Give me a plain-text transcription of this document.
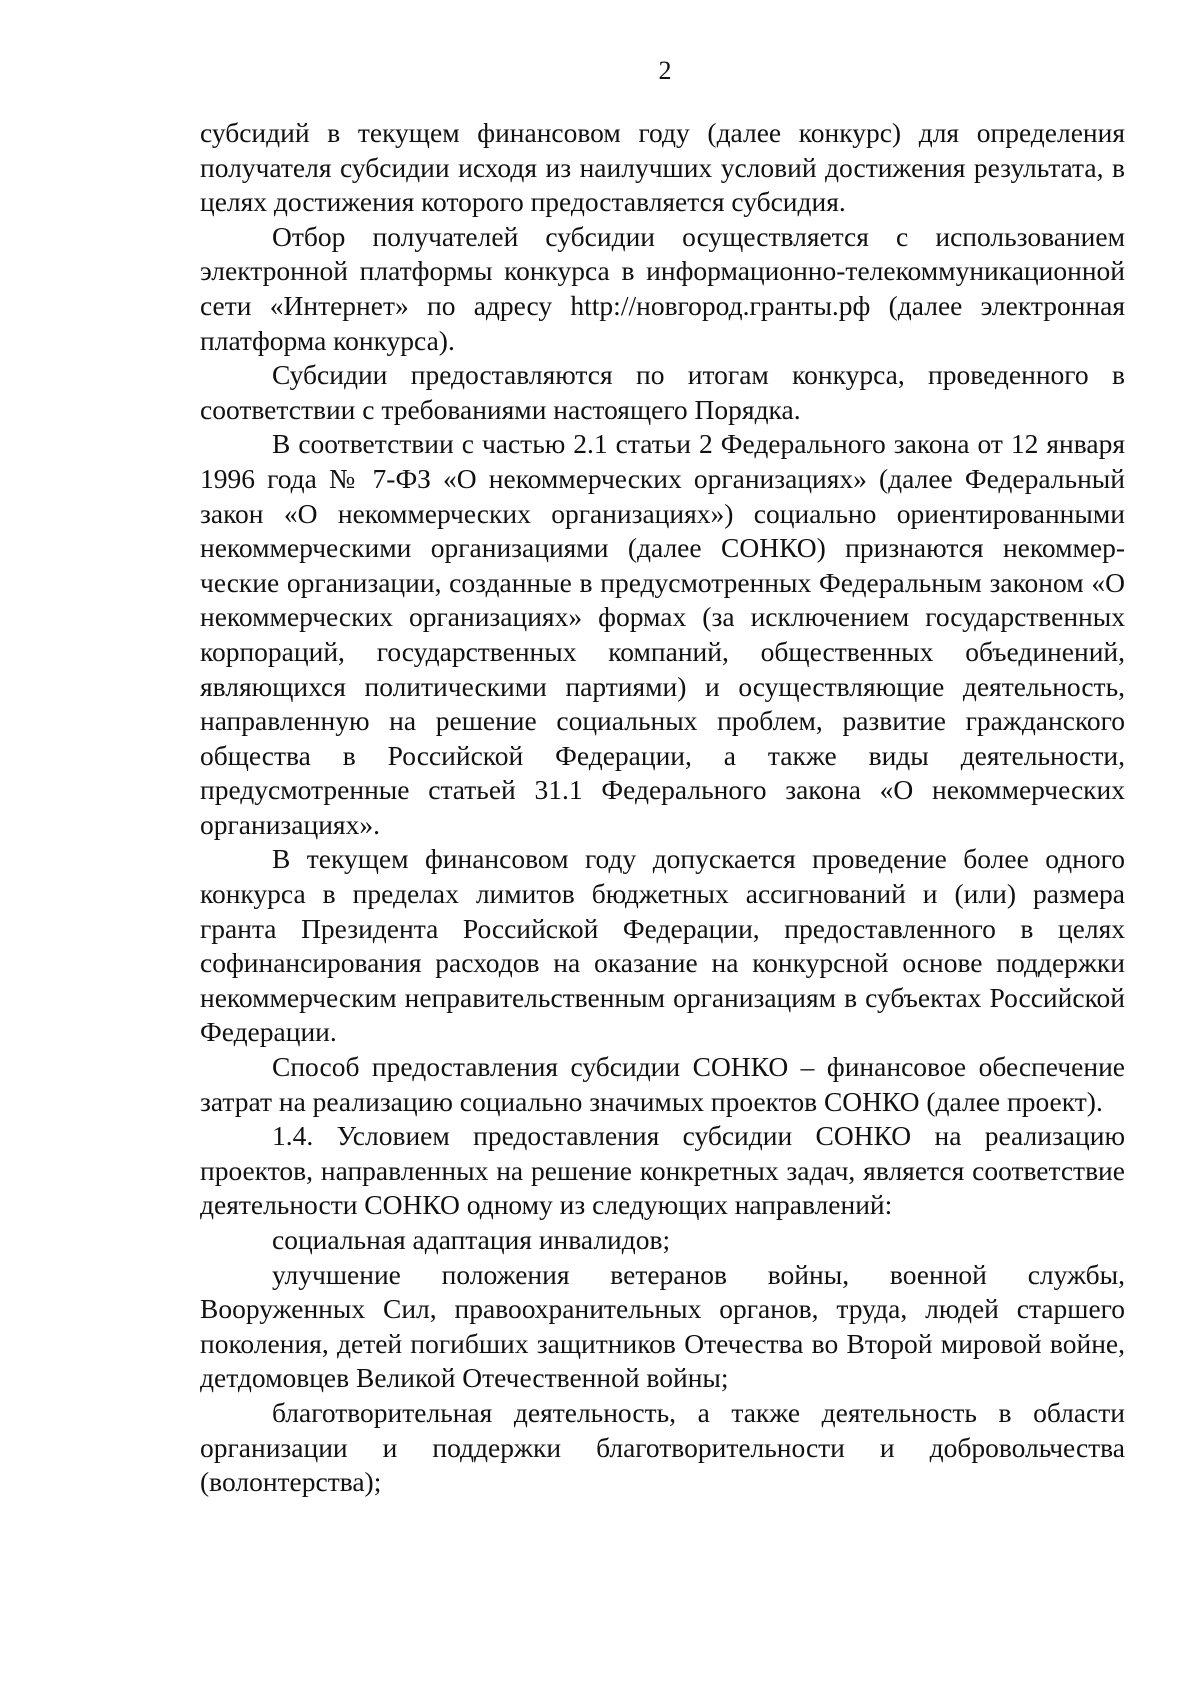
2

субсидий в текущем финансовом году (далее конкурс) для определения получателя субсидии исходя из наилучших условий достижения результата, в целях достижения которого предоставляется субсидия.

Отбор получателей субсидии осуществляется с использованием электронной платформы конкурса в информационно-телекоммуникационной сети «Интернет» по адресу http://новгород.гранты.рф (далее электронная платформа конкурса).

Субсидии предоставляются по итогам конкурса, проведенного в соответствии с требованиями настоящего Порядка.

В соответствии с частью 2.1 статьи 2 Федерального закона от 12 января 1996 года № 7-ФЗ «О некоммерческих организациях» (далее Федеральный закон «О некоммерческих организациях») социально ориентированными некоммерческими организациями (далее СОНКО) признаются некоммерческие организации, созданные в предусмотренных Федеральным законом «О некоммерческих организациях» формах (за исключением государственных корпораций, государственных компаний, общественных объединений, являющихся политическими партиями) и осуществляющие деятельность, направленную на решение социальных проблем, развитие гражданского общества в Российской Федерации, а также виды деятельности, предусмотренные статьей 31.1 Федерального закона «О некоммерческих организациях».

В текущем финансовом году допускается проведение более одного конкурса в пределах лимитов бюджетных ассигнований и (или) размера гранта Президента Российской Федерации, предоставленного в целях софинансирования расходов на оказание на конкурсной основе поддержки некоммерческим неправительственным организациям в субъектах Российской Федерации.

Способ предоставления субсидии СОНКО – финансовое обеспечение затрат на реализацию социально значимых проектов СОНКО (далее проект).

1.4. Условием предоставления субсидии СОНКО на реализацию проектов, направленных на решение конкретных задач, является соответствие деятельности СОНКО одному из следующих направлений:

социальная адаптация инвалидов;

улучшение положения ветеранов войны, военной службы, Вооруженных Сил, правоохранительных органов, труда, людей старшего поколения, детей погибших защитников Отечества во Второй мировой войне, детдомовцев Великой Отечественной войны;

благотворительная деятельность, а также деятельность в области организации и поддержки благотворительности и добровольчества (волонтерства);
